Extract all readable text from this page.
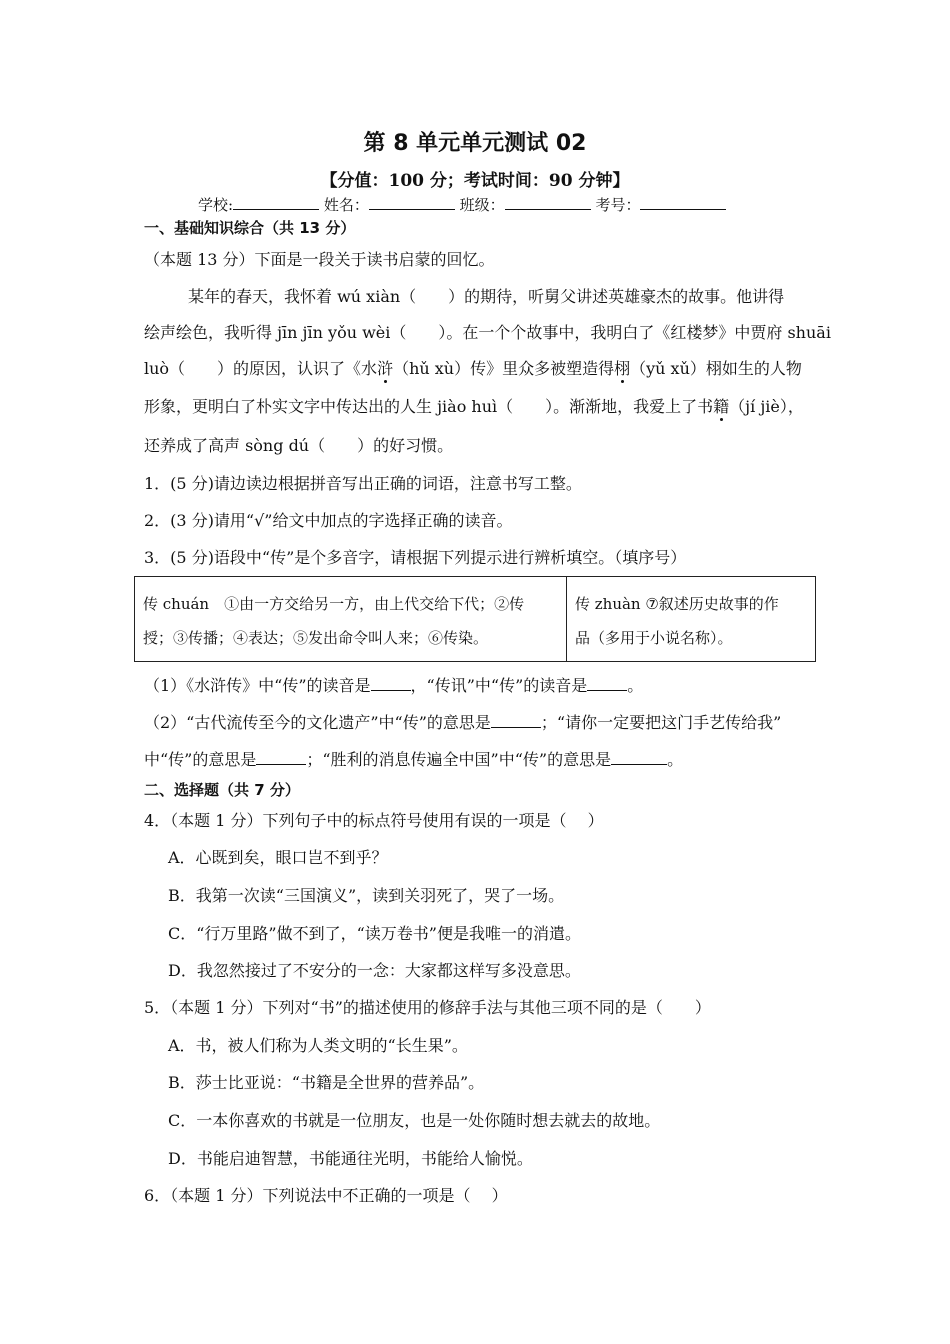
第 8 单元单元测试 02
【分值：100 分；考试时间：90 分钟】
学校:	姓名：	班级：	考号：
一、基础知识综合（共 13 分）
（本题 13 分）下面是一段关于读书启蒙的回忆。
某年的春天，我怀着 wú xiàn（　　）的期待，听舅父讲述英雄豪杰的故事。他讲得
绘声绘色，我听得 jīn jīn yǒu wèi（　　）。在一个个故事中，我明白了《红楼梦》中贾府 shuāi
luò（　　）的原因，认识了《水浒（hǔ xù）传》里众多被塑造得栩（yǔ xǔ）栩如生的人物
形象，更明白了朴实文字中传达出的人生 jiào huì（　　）。渐渐地，我爱上了书籍（jí jiè），
还养成了高声 sòng dú（　　）的好习惯。
1．(5 分)请边读边根据拼音写出正确的词语，注意书写工整。
2．(3 分)请用“√”给文中加点的字选择正确的读音。
3．(5 分)语段中“传”是个多音字，请根据下列提示进行辨析填空。（填序号）
传 chuán　①由一方交给另一方，由上代交给下代；②传
授；③传播；④表达；⑤发出命令叫人来；⑥传染。

传 zhuàn ⑦叙述历史故事的作
品（多用于小说名称）。
（1）《水浒传》中“传”的读音是	，“传讯”中“传”的读音是	。
（2）“古代流传至今的文化遗产”中“传”的意思是	；“请你一定要把这门手艺传给我”
中“传”的意思是	；“胜利的消息传遍全中国”中“传”的意思是	。
二、选择题（共 7 分）
4．（本题 1 分）下列句子中的标点符号使用有误的一项是（　 ）
A．心既到矣，眼口岂不到乎？
B．我第一次读“三国演义”，读到关羽死了，哭了一场。
C．“行万里路”做不到了，“读万卷书”便是我唯一的消遣。
D．我忽然接过了不安分的一念：大家都这样写多没意思。
5．（本题 1 分）下列对“书”的描述使用的修辞手法与其他三项不同的是（　　）
A．书，被人们称为人类文明的“长生果”。
B．莎士比亚说：“书籍是全世界的营养品”。
C．一本你喜欢的书就是一位朋友，也是一处你随时想去就去的故地。
D．书能启迪智慧，书能通往光明，书能给人愉悦。
6．（本题 1 分）下列说法中不正确的一项是（　 ）
